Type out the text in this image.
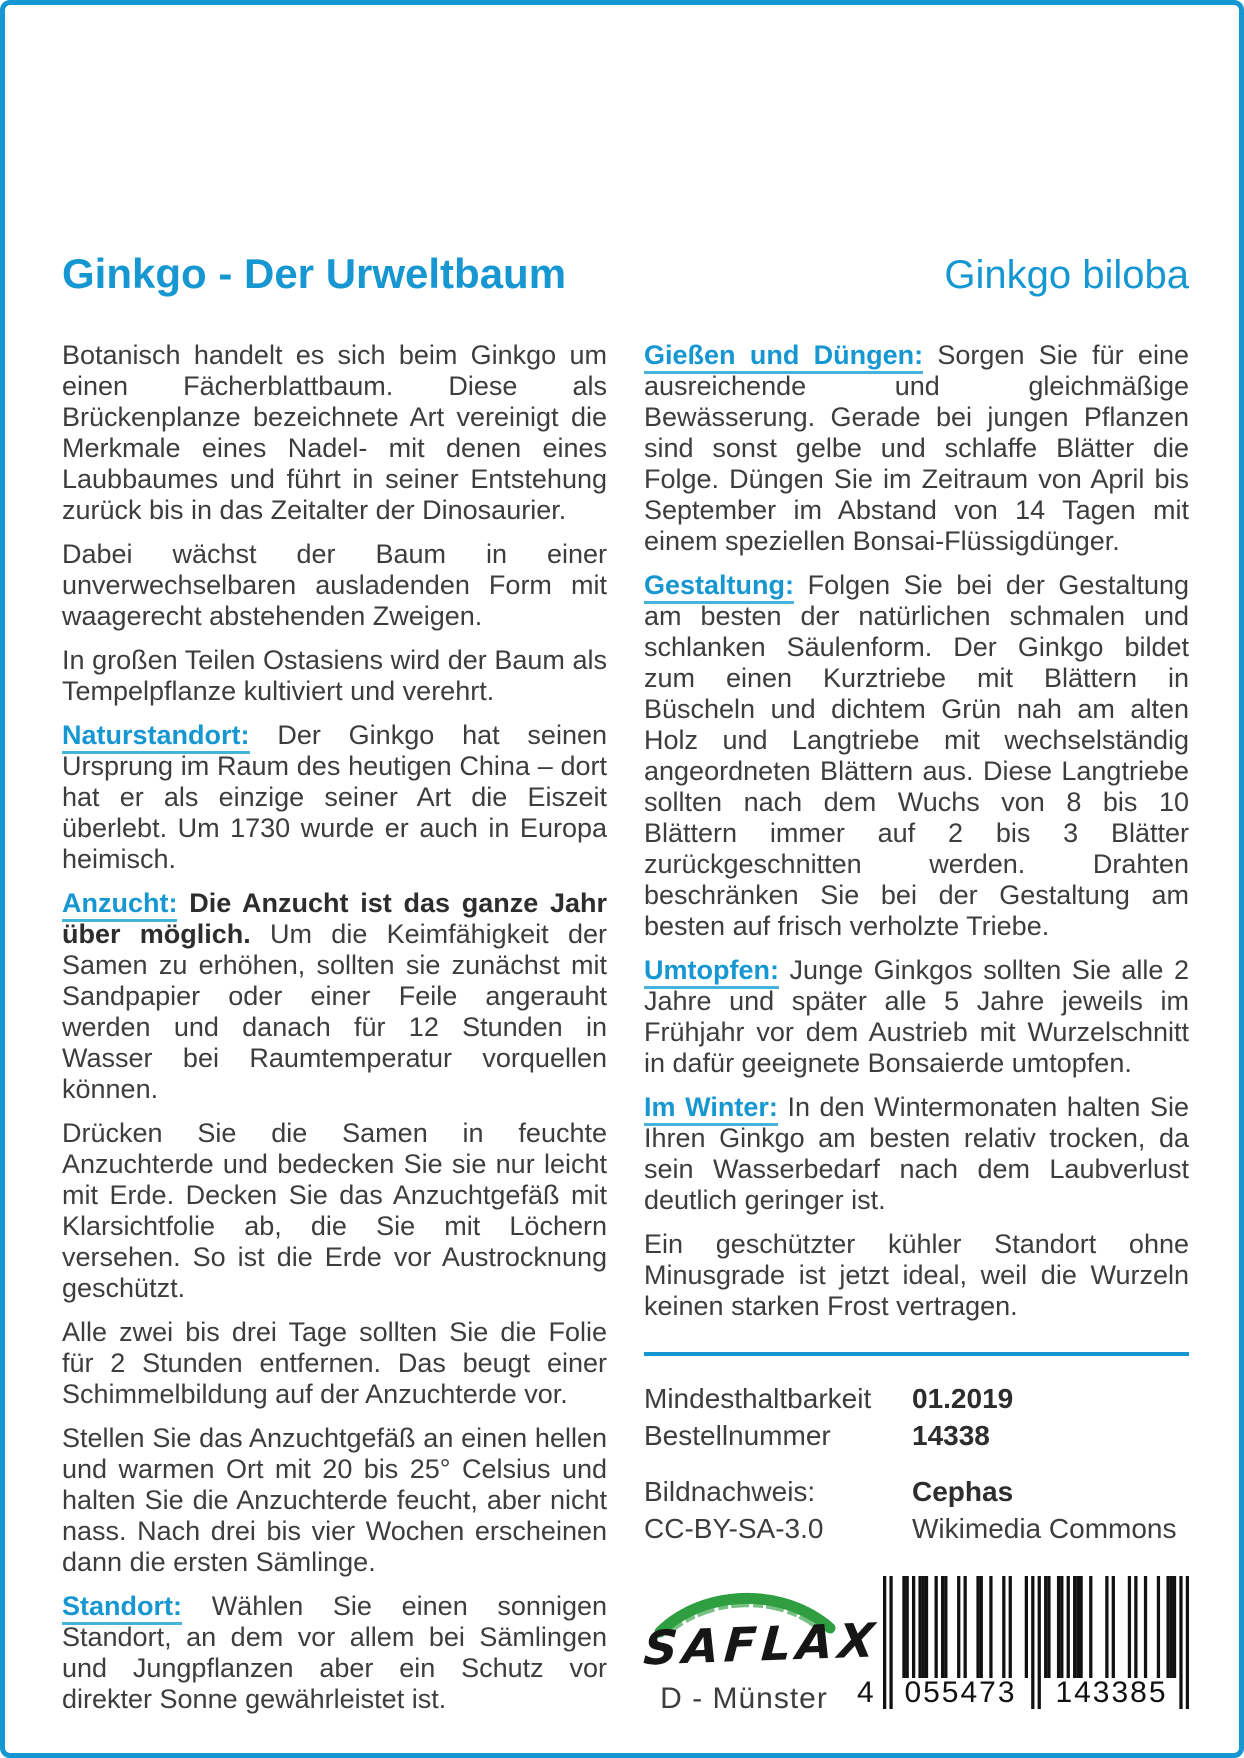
Ginkgo - Der Urweltbaum	Ginkgo biloba

Botanisch handelt es sich beim Ginkgo um einen Fächerblattbaum. Diese als Brückenplanze bezeichnete Art vereinigt die Merkmale eines Nadel- mit denen eines Laubbaumes und führt in seiner Entstehung zurück bis in das Zeitalter der Dinosaurier.

Dabei wächst der Baum in einer unverwechselbaren ausladenden Form mit waagerecht abstehenden Zweigen.

In großen Teilen Ostasiens wird der Baum als Tempelpflanze kultiviert und verehrt.

Naturstandort: Der Ginkgo hat seinen Ursprung im Raum des heutigen China – dort hat er als einzige seiner Art die Eiszeit überlebt. Um 1730 wurde er auch in Europa heimisch.

Anzucht: Die Anzucht ist das ganze Jahr über möglich. Um die Keimfähigkeit der Samen zu erhöhen, sollten sie zunächst mit Sandpapier oder einer Feile angerauht werden und danach für 12 Stunden in Wasser bei Raumtemperatur vorquellen können.

Drücken Sie die Samen in feuchte Anzuchterde und bedecken Sie sie nur leicht mit Erde. Decken Sie das Anzuchtgefäß mit Klarsichtfolie ab, die Sie mit Löchern versehen. So ist die Erde vor Austrocknung geschützt.

Alle zwei bis drei Tage sollten Sie die Folie für 2 Stunden entfernen. Das beugt einer Schimmelbildung auf der Anzuchterde vor.

Stellen Sie das Anzuchtgefäß an einen hellen und warmen Ort mit 20 bis 25° Celsius und halten Sie die Anzuchterde feucht, aber nicht nass. Nach drei bis vier Wochen erscheinen dann die ersten Sämlinge.

Standort: Wählen Sie einen sonnigen Standort, an dem vor allem bei Sämlingen und Jungpflanzen aber ein Schutz vor direkter Sonne gewährleistet ist.

Gießen und Düngen: Sorgen Sie für eine ausreichende und gleichmäßige Bewässerung. Gerade bei jungen Pflanzen sind sonst gelbe und schlaffe Blätter die Folge. Düngen Sie im Zeitraum von April bis September im Abstand von 14 Tagen mit einem speziellen Bonsai-Flüssigdünger.

Gestaltung: Folgen Sie bei der Gestaltung am besten der natürlichen schmalen und schlanken Säulenform. Der Ginkgo bildet zum einen Kurztriebe mit Blättern in Büscheln und dichtem Grün nah am alten Holz und Langtriebe mit wechselständig angeordneten Blättern aus. Diese Langtriebe sollten nach dem Wuchs von 8 bis 10 Blättern immer auf 2 bis 3 Blätter zurückgeschnitten werden. Drahten beschränken Sie bei der Gestaltung am besten auf frisch verholzte Triebe.

Umtopfen: Junge Ginkgos sollten Sie alle 2 Jahre und später alle 5 Jahre jeweils im Frühjahr vor dem Austrieb mit Wurzelschnitt in dafür geeignete Bonsaierde umtopfen.

Im Winter: In den Wintermonaten halten Sie Ihren Ginkgo am besten relativ trocken, da sein Wasserbedarf nach dem Laubverlust deutlich geringer ist.

Ein geschützter kühler Standort ohne Minusgrade ist jetzt ideal, weil die Wurzeln keinen starken Frost vertragen.

Mindesthaltbarkeit	01.2019
Bestellnummer	14338
Bildnachweis:	Cephas
CC-BY-SA-3.0	Wikimedia Commons
SAFLAX
D - Münster 4	055473	143385
